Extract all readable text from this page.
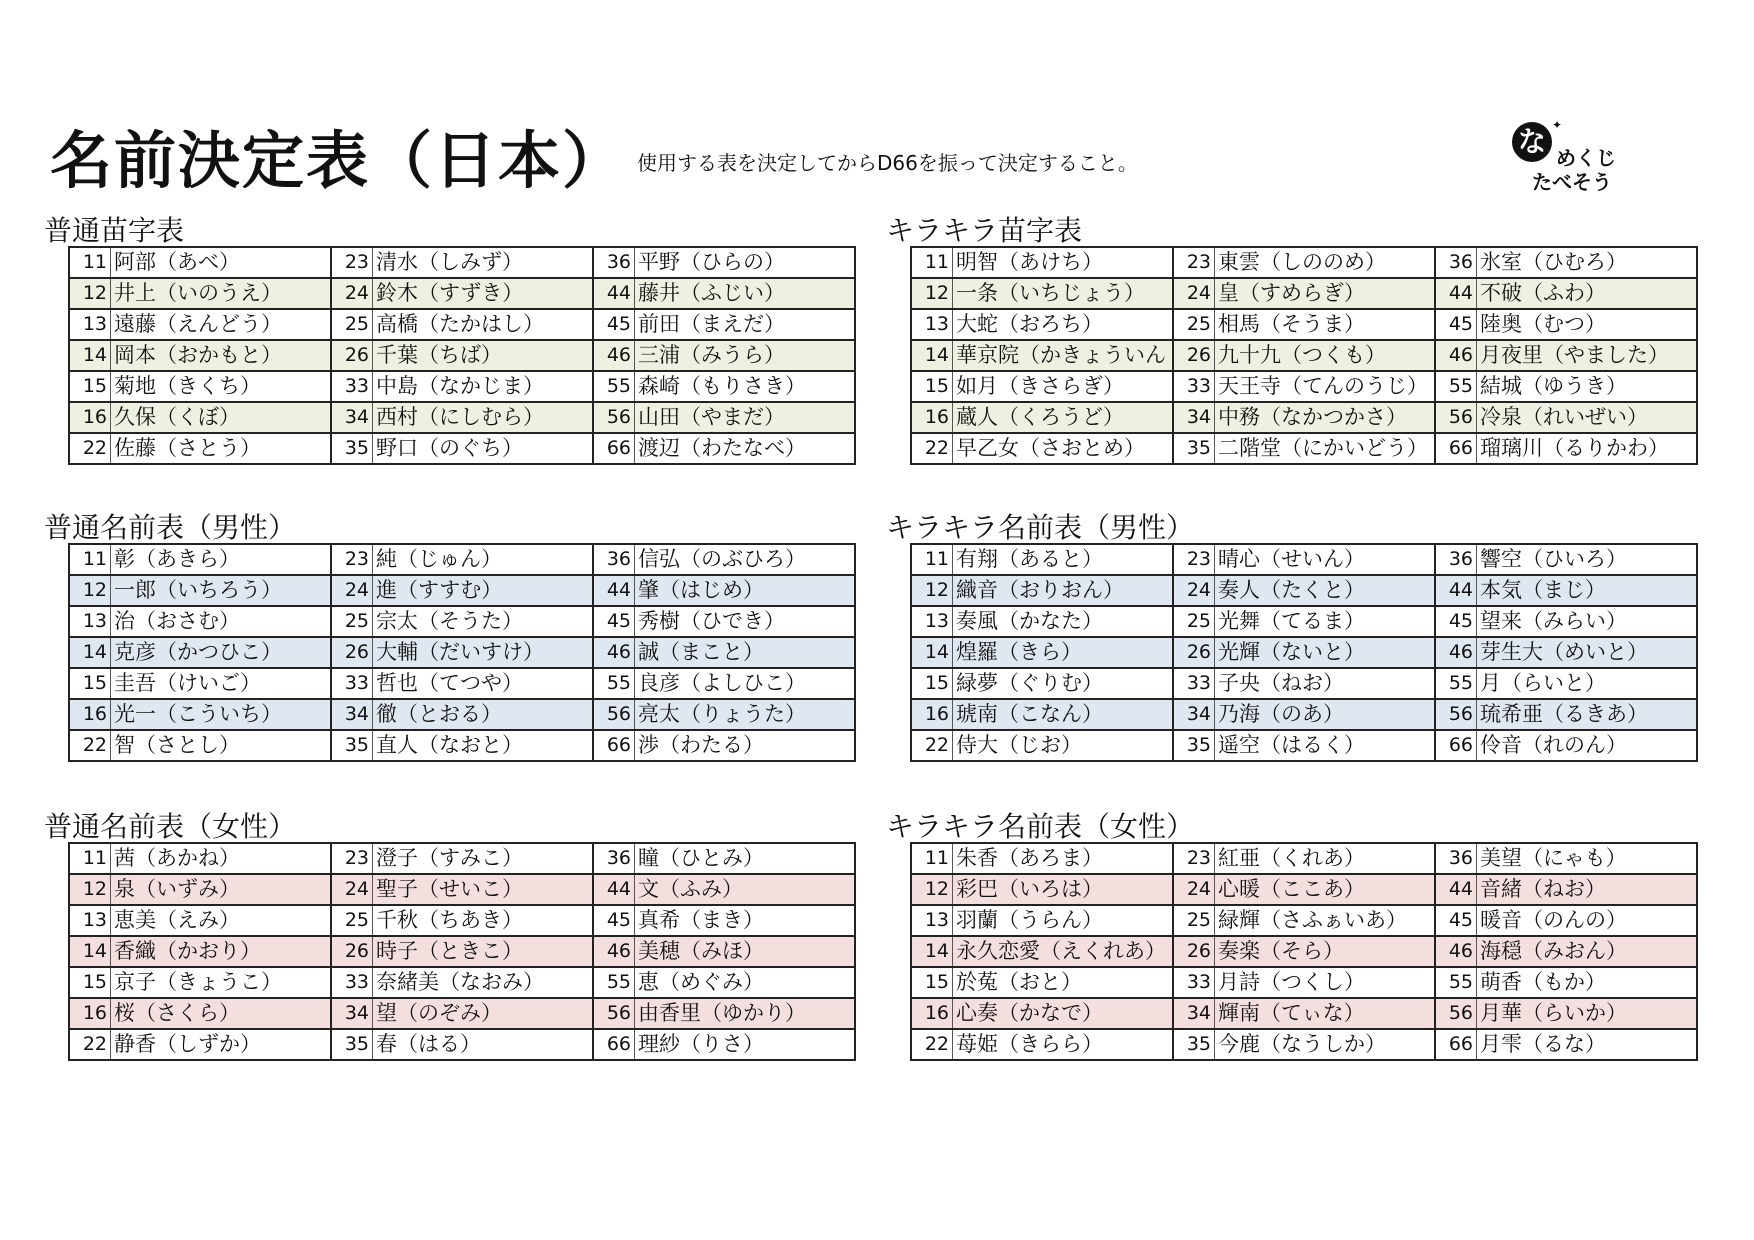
名前決定表（日本） 使用する表を決定してからD66を振って決定すること。
な ✦
めくじ
たべそう
普通苗字表
11	阿部（あべ）	23	清水（しみず）	36	平野（ひらの）
12	井上（いのうえ）	24	鈴木（すずき）	44	藤井（ふじい）
13	遠藤（えんどう）	25	高橋（たかはし）	45	前田（まえだ）
14	岡本（おかもと）	26	千葉（ちば）	46	三浦（みうら）
15	菊地（きくち）	33	中島（なかじま）	55	森崎（もりさき）
16	久保（くぼ）	34	西村（にしむら）	56	山田（やまだ）
22	佐藤（さとう）	35	野口（のぐち）	66	渡辺（わたなべ）
キラキラ苗字表
11	明智（あけち）	23	東雲（しののめ）	36	氷室（ひむろ）
12	一条（いちじょう）	24	皇（すめらぎ）	44	不破（ふわ）
13	大蛇（おろち）	25	相馬（そうま）	45	陸奥（むつ）
14	華京院（かきょういん	26	九十九（つくも）	46	月夜里（やました）
15	如月（きさらぎ）	33	天王寺（てんのうじ）	55	結城（ゆうき）
16	蔵人（くろうど）	34	中務（なかつかさ）	56	冷泉（れいぜい）
22	早乙女（さおとめ）	35	二階堂（にかいどう）	66	瑠璃川（るりかわ）
普通名前表（男性）
11	彰（あきら）	23	純（じゅん）	36	信弘（のぶひろ）
12	一郎（いちろう）	24	進（すすむ）	44	肇（はじめ）
13	治（おさむ）	25	宗太（そうた）	45	秀樹（ひでき）
14	克彦（かつひこ）	26	大輔（だいすけ）	46	誠（まこと）
15	圭吾（けいご）	33	哲也（てつや）	55	良彦（よしひこ）
16	光一（こういち）	34	徹（とおる）	56	亮太（りょうた）
22	智（さとし）	35	直人（なおと）	66	渉（わたる）
キラキラ名前表（男性）
11	有翔（あると）	23	晴心（せいん）	36	響空（ひいろ）
12	織音（おりおん）	24	奏人（たくと）	44	本気（まじ）
13	奏風（かなた）	25	光舞（てるま）	45	望来（みらい）
14	煌羅（きら）	26	光輝（ないと）	46	芽生大（めいと）
15	緑夢（ぐりむ）	33	子央（ねお）	55	月（らいと）
16	琥南（こなん）	34	乃海（のあ）	56	琉希亜（るきあ）
22	侍大（じお）	35	遥空（はるく）	66	伶音（れのん）
普通名前表（女性）
11	茜（あかね）	23	澄子（すみこ）	36	瞳（ひとみ）
12	泉（いずみ）	24	聖子（せいこ）	44	文（ふみ）
13	恵美（えみ）	25	千秋（ちあき）	45	真希（まき）
14	香織（かおり）	26	時子（ときこ）	46	美穂（みほ）
15	京子（きょうこ）	33	奈緒美（なおみ）	55	恵（めぐみ）
16	桜（さくら）	34	望（のぞみ）	56	由香里（ゆかり）
22	静香（しずか）	35	春（はる）	66	理紗（りさ）
キラキラ名前表（女性）
11	朱香（あろま）	23	紅亜（くれあ）	36	美望（にゃも）
12	彩巴（いろは）	24	心暖（ここあ）	44	音緒（ねお）
13	羽蘭（うらん）	25	緑輝（さふぁいあ）	45	暖音（のんの）
14	永久恋愛（えくれあ）	26	奏楽（そら）	46	海穏（みおん）
15	於菟（おと）	33	月詩（つくし）	55	萌香（もか）
16	心奏（かなで）	34	輝南（てぃな）	56	月華（らいか）
22	苺姫（きらら）	35	今鹿（なうしか）	66	月雫（るな）
